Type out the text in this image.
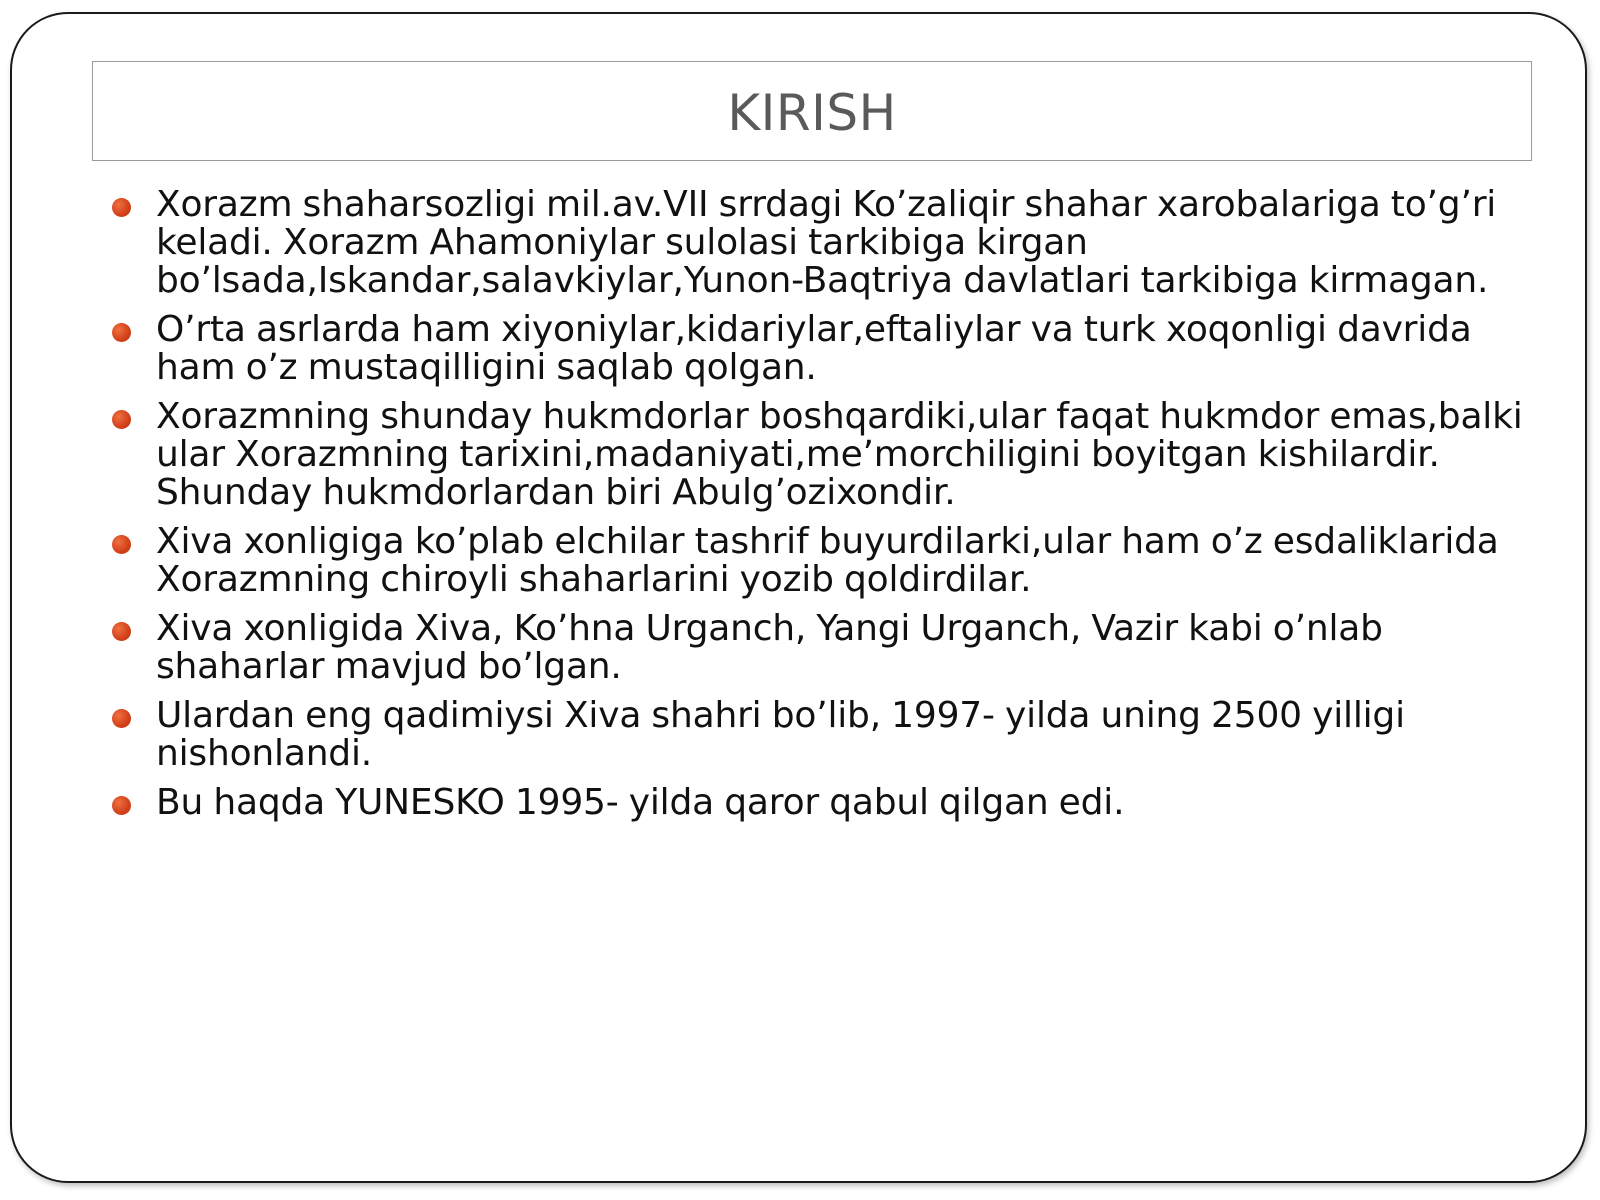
KIRISH
Xorazm shaharsozligi mil.av.VII srrdagi Ko’zaliqir shahar xarobalariga to’g’ri keladi. Xorazm Ahamoniylar sulolasi tarkibiga kirgan bo’lsada,Iskandar,salavkiylar,Yunon-Baqtriya davlatlari tarkibiga kirmagan.
O’rta asrlarda ham xiyoniylar,kidariylar,eftaliylar va turk xoqonligi davrida ham o’z mustaqilligini saqlab qolgan.
Xorazmning shunday hukmdorlar boshqardiki,ular faqat hukmdor emas,balki ular Xorazmning tarixini,madaniyati,me’morchiligini boyitgan kishilardir. Shunday hukmdorlardan biri Abulg’ozixondir.
Xiva xonligiga ko’plab elchilar tashrif buyurdilarki,ular ham o’z esdaliklarida Xorazmning chiroyli shaharlarini yozib qoldirdilar.
Xiva xonligida Xiva, Ko’hna Urganch, Yangi Urganch, Vazir kabi o’nlab shaharlar mavjud bo’lgan.
Ulardan eng qadimiysi Xiva shahri bo’lib, 1997- yilda uning 2500 yilligi nishonlandi.
Bu haqda YUNESKO 1995- yilda qaror qabul qilgan edi.
